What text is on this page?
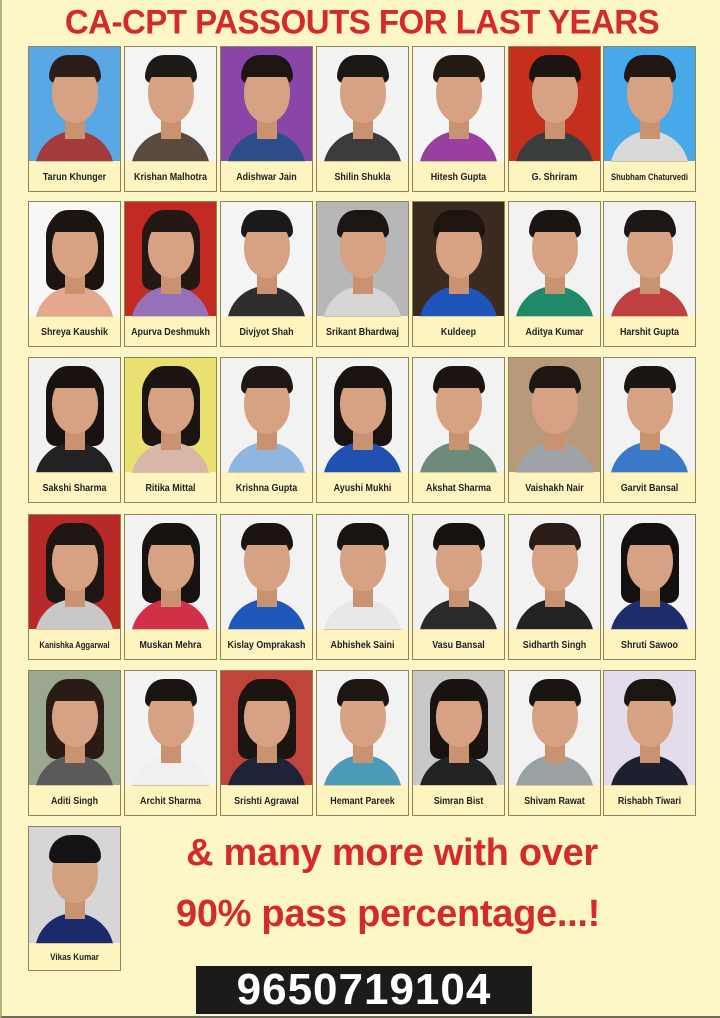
CA-CPT PASSOUTS FOR LAST YEARS
Tarun Khunger	Krishan Malhotra	Adishwar Jain	Shilin Shukla	Hitesh Gupta	G. Shriram	Shubham Chaturvedi
Shreya Kaushik	Apurva Deshmukh	Divjyot Shah	Srikant Bhardwaj	Kuldeep	Aditya Kumar	Harshit Gupta
Sakshi Sharma	Ritika Mittal	Krishna Gupta	Ayushi Mukhi	Akshat Sharma	Vaishakh Nair	Garvit Bansal
Kanishka Aggarwal	Muskan Mehra	Kislay Omprakash	Abhishek Saini	Vasu Bansal	Sidharth Singh	Shruti Sawoo
Aditi Singh	Archit Sharma	Srishti Agrawal	Hemant Pareek	Simran Bist	Shivam Rawat	Rishabh Tiwari
Vikas Kumar
& many more with over
90% pass percentage...!
9650719104
